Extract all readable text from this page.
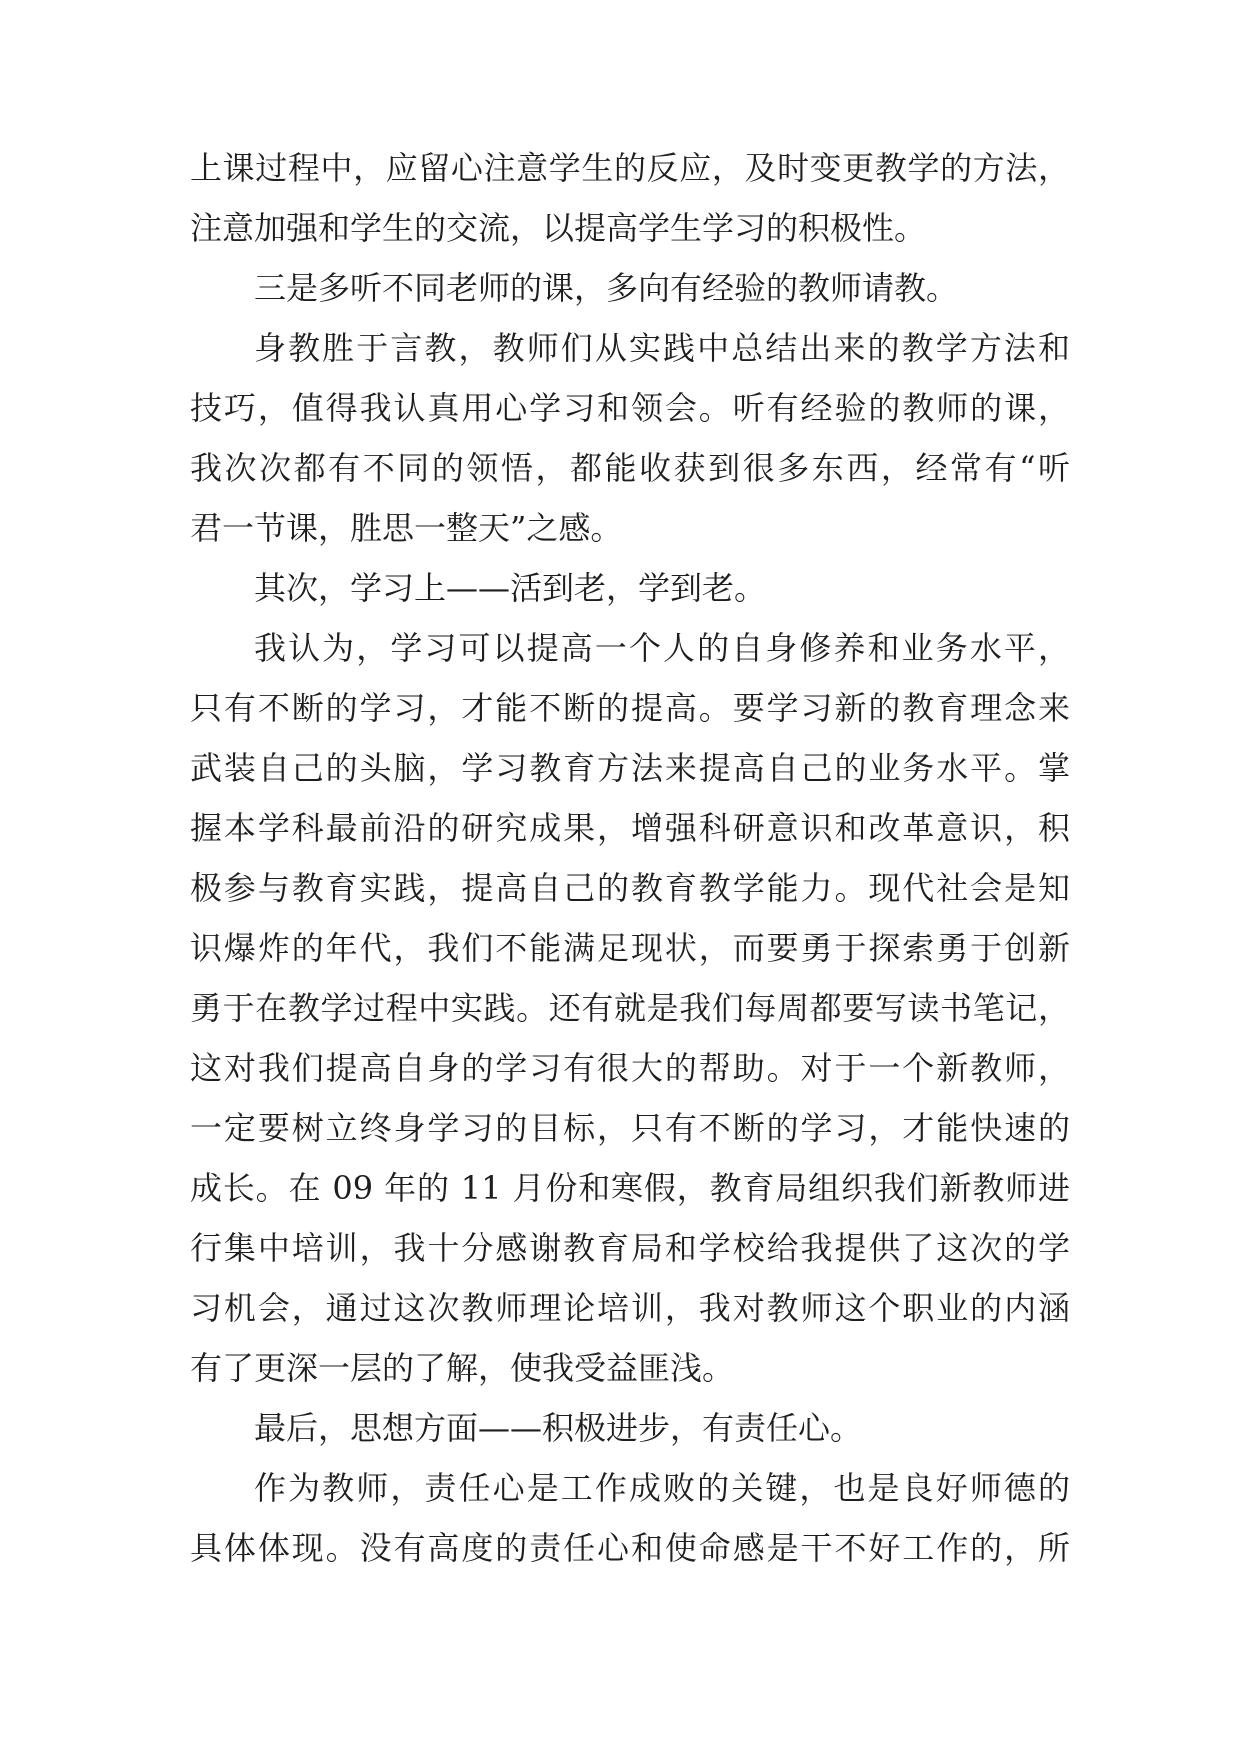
上课过程中，应留心注意学生的反应，及时变更教学的方法，
注意加强和学生的交流，以提高学生学习的积极性。
三是多听不同老师的课，多向有经验的教师请教。
身教胜于言教，教师们从实践中总结出来的教学方法和
技巧，值得我认真用心学习和领会。听有经验的教师的课，
我次次都有不同的领悟，都能收获到很多东西，经常有“听
君一节课，胜思一整天”之感。
其次，学习上——活到老，学到老。
我认为，学习可以提高一个人的自身修养和业务水平，
只有不断的学习，才能不断的提高。要学习新的教育理念来
武装自己的头脑，学习教育方法来提高自己的业务水平。掌
握本学科最前沿的研究成果，增强科研意识和改革意识，积
极参与教育实践，提高自己的教育教学能力。现代社会是知
识爆炸的年代，我们不能满足现状，而要勇于探索勇于创新
勇于在教学过程中实践。还有就是我们每周都要写读书笔记，
这对我们提高自身的学习有很大的帮助。对于一个新教师，
一定要树立终身学习的目标，只有不断的学习，才能快速的
成长。在 09 年的 11 月份和寒假，教育局组织我们新教师进
行集中培训，我十分感谢教育局和学校给我提供了这次的学
习机会，通过这次教师理论培训，我对教师这个职业的内涵
有了更深一层的了解，使我受益匪浅。
最后，思想方面——积极进步，有责任心。
作为教师，责任心是工作成败的关键，也是良好师德的
具体体现。没有高度的责任心和使命感是干不好工作的，所
